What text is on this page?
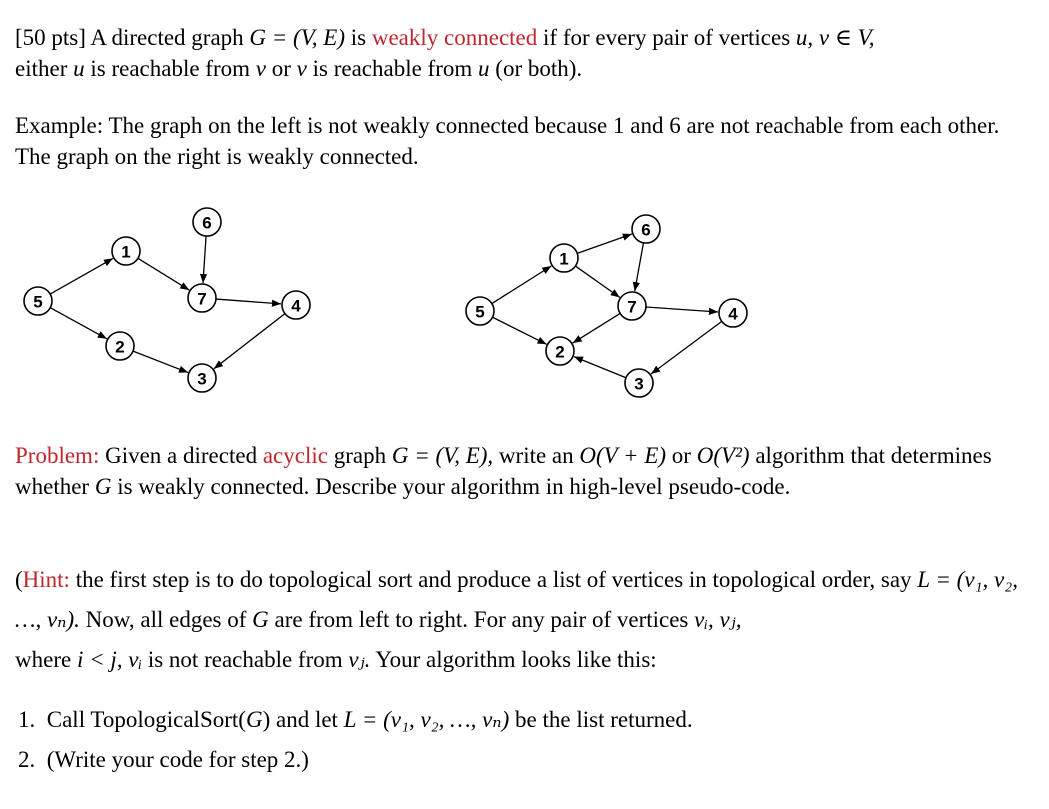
[50 pts] A directed graph G = (V, E) is weakly connected if for every pair of vertices u, v ∈ V,
either u is reachable from v or v is reachable from u (or both).

Example: The graph on the left is not weakly connected because 1 and 6 are not reachable from each other. The graph on the right is weakly connected.

1
2
3
4
5
6
7
1
2
3
4
5
6
7

Problem: Given a directed acyclic graph G = (V, E), write an O(V + E) or O(V²) algorithm that determines whether G is weakly connected. Describe your algorithm in high-level pseudo-code.

(Hint: the first step is to do topological sort and produce a list of vertices in topological order, say L = (v₁, v₂, …, vₙ). Now, all edges of G are from left to right. For any pair of vertices vᵢ, vⱼ,
where i < j, vᵢ is not reachable from vⱼ. Your algorithm looks like this:

1. Call TopologicalSort(G) and let L = (v₁, v₂, …, vₙ) be the list returned.
2. (Write your code for step 2.)
